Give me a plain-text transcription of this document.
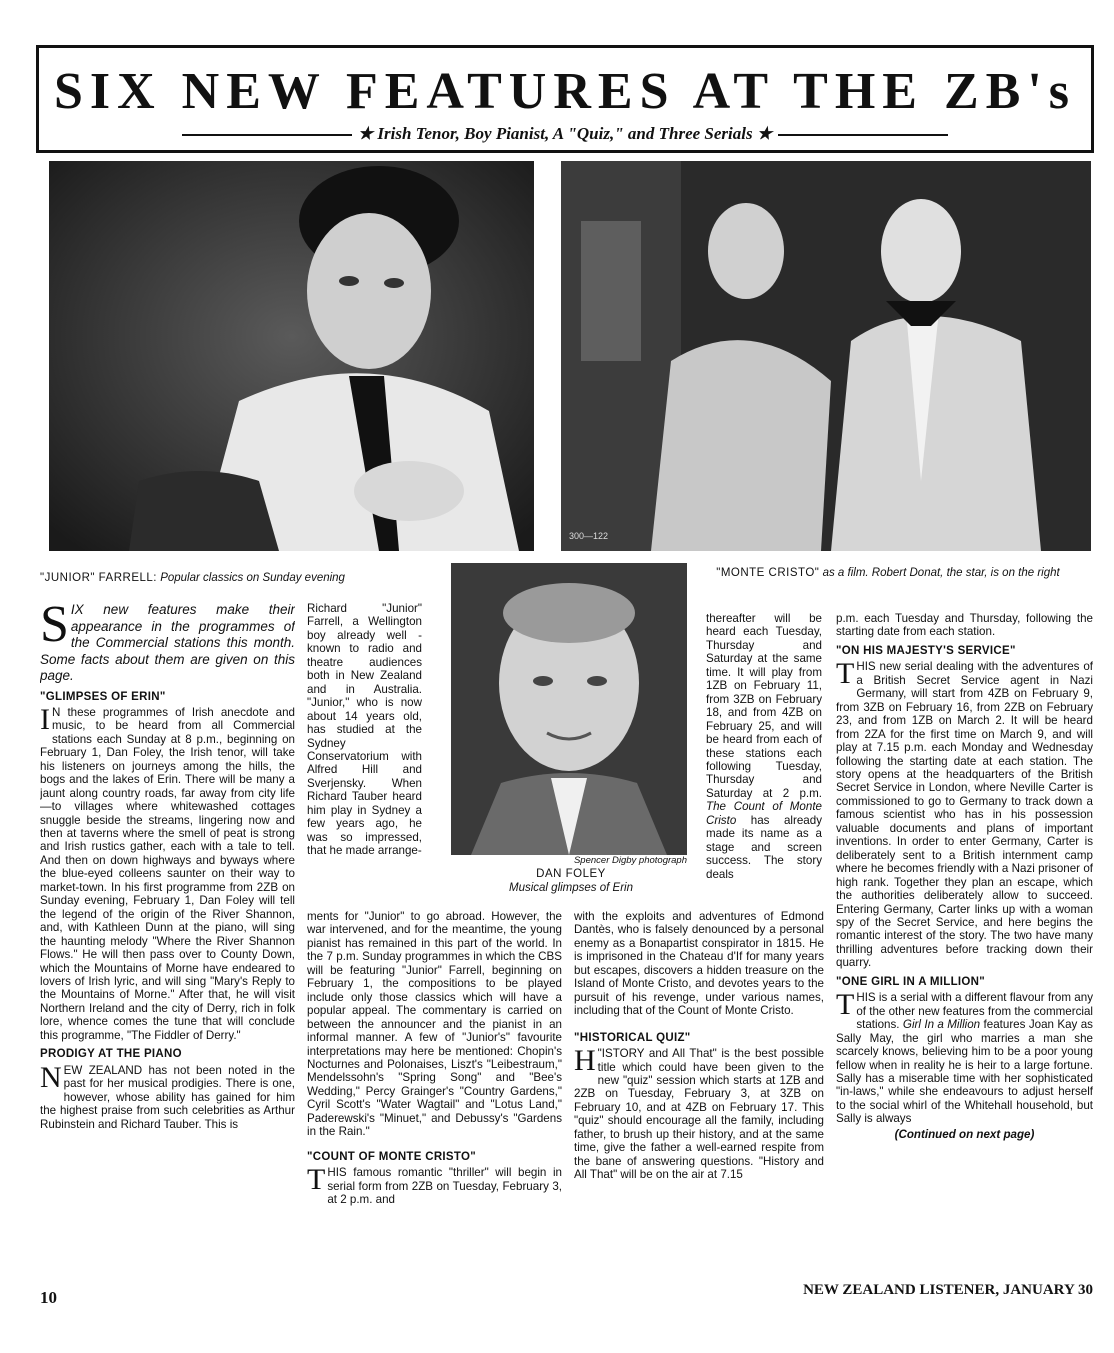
SIX NEW FEATURES AT THE ZB's
★ Irish Tenor, Boy Pianist, A "Quiz," and Three Serials ★
300—122
"JUNIOR" FARRELL: Popular classics on Sunday evening	"MONTE CRISTO" as a film. Robert Donat, the star, is on the right
Spencer Digby photograph
DAN FOLEY
Musical glimpses of Erin

SIX new features make their appearance in the programmes of the Commercial stations this month. Some facts about them are given on this page.

"GLIMPSES OF ERIN"

I N these programmes of Irish anecdote and music, to be heard from all Commercial stations each Sunday at 8 p.m., beginning on February 1, Dan Foley, the Irish tenor, will take his listeners on journeys among the hills, the bogs and the lakes of Erin. There will be many a jaunt along country roads, far away from city life—to villages where whitewashed cottages snuggle beside the streams, lingering now and then at taverns where the smell of peat is strong and Irish rustics gather, each with a tale to tell. And then on down highways and byways where the blue-eyed colleens saunter on their way to market-town. In his first programme from 2ZB on Sunday evening, February 1, Dan Foley will tell the legend of the origin of the River Shannon, and, with Kathleen Dunn at the piano, will sing the haunting melody "Where the River Shannon Flows." He will then pass over to County Down, which the Mountains of Morne have endeared to lovers of Irish lyric, and will sing "Mary's Reply to the Mountains of Morne." After that, he will visit Northern Ireland and the city of Derry, rich in folk lore, whence comes the tune that will conclude this programme, "The Fiddler of Derry."

PRODIGY AT THE PIANO

NEW ZEALAND has not been noted in the past for her musical prodigies. There is one, however, whose ability has gained for him the highest praise from such celebrities as Arthur Rubinstein and Richard Tauber. This is

Richard "Junior" Farrell, a Wellington boy already well - known to radio and theatre audiences both in New Zealand and in Australia. "Junior," who is now about 14 years old, has studied at the Sydney Conservatorium with Alfred Hill and Sverjensky. When Richard Tauber heard him play in Sydney a few years ago, he was so impressed, that he made arrange-

ments for "Junior" to go abroad. However, the war intervened, and for the meantime, the young pianist has remained in this part of the world. In the 7 p.m. Sunday programmes in which the CBS will be featuring "Junior" Farrell, beginning on February 1, the compositions to be played include only those classics which will have a popular appeal. The commentary is carried on between the announcer and the pianist in an informal manner. A few of "Junior's" favourite interpretations may here be mentioned: Chopin's Nocturnes and Polonaises, Liszt's "Leibestraum," Mendelssohn's "Spring Song" and "Bee's Wedding," Percy Grainger's "Country Gardens," Cyril Scott's "Water Wagtail" and "Lotus Land," Paderewski's "Minuet," and Debussy's "Gardens in the Rain."

"COUNT OF MONTE CRISTO"

THIS famous romantic "thriller" will begin in serial form from 2ZB on Tuesday, February 3, at 2 p.m. and

thereafter will be heard each Tuesday, Thursday and Saturday at the same time. It will play from 1ZB on February 11, from 3ZB on February 18, and from 4ZB on February 25, and will be heard from each of these stations each following Tuesday, Thursday and Saturday at 2 p.m. The Count of Monte Cristo has already made its name as a stage and screen success. The story deals

with the exploits and adventures of Edmond Dantès, who is falsely denounced by a personal enemy as a Bonapartist conspirator in 1815. He is imprisoned in the Chateau d'If for many years but escapes, discovers a hidden treasure on the Island of Monte Cristo, and devotes years to the pursuit of his revenge, under various names, including that of the Count of Monte Cristo.

"HISTORICAL QUIZ"

H "ISTORY and All That" is the best possible title which could have been given to the new "quiz" session which starts at 1ZB and 2ZB on Tuesday, February 3, at 3ZB on February 10, and at 4ZB on February 17. This "quiz" should encourage all the family, including father, to brush up their history, and at the same time, give the father a well-earned respite from the bane of answering questions. "History and All That" will be on the air at 7.15

p.m. each Tuesday and Thursday, following the starting date from each station.

"ON HIS MAJESTY'S SERVICE"

THIS new serial dealing with the adventures of a British Secret Service agent in Nazi Germany, will start from 4ZB on February 9, from 3ZB on February 16, from 2ZB on February 23, and from 1ZB on March 2. It will be heard from 2ZA for the first time on March 9, and will play at 7.15 p.m. each Monday and Wednesday following the starting date at each station. The story opens at the headquarters of the British Secret Service in London, where Neville Carter is commissioned to go to Germany to track down a famous scientist who has in his possession valuable documents and plans of important inventions. In order to enter Germany, Carter is deliberately sent to a British internment camp where he becomes friendly with a Nazi prisoner of high rank. Together they plan an escape, which the authorities deliberately allow to succeed. Entering Germany, Carter links up with a woman spy of the Secret Service, and here begins the romantic interest of the story. The two have many thrilling adventures before tracking down their quarry.

"ONE GIRL IN A MILLION"

THIS is a serial with a different flavour from any of the other new features from the commercial stations. Girl In a Million features Joan Kay as Sally May, the girl who marries a man she scarcely knows, believing him to be a poor young fellow when in reality he is heir to a large fortune. Sally has a miserable time with her sophisticated "in-laws," while she endeavours to adjust herself to the social whirl of the Whitehall household, but Sally is always

(Continued on next page)

10	NEW ZEALAND LISTENER, JANUARY 30
